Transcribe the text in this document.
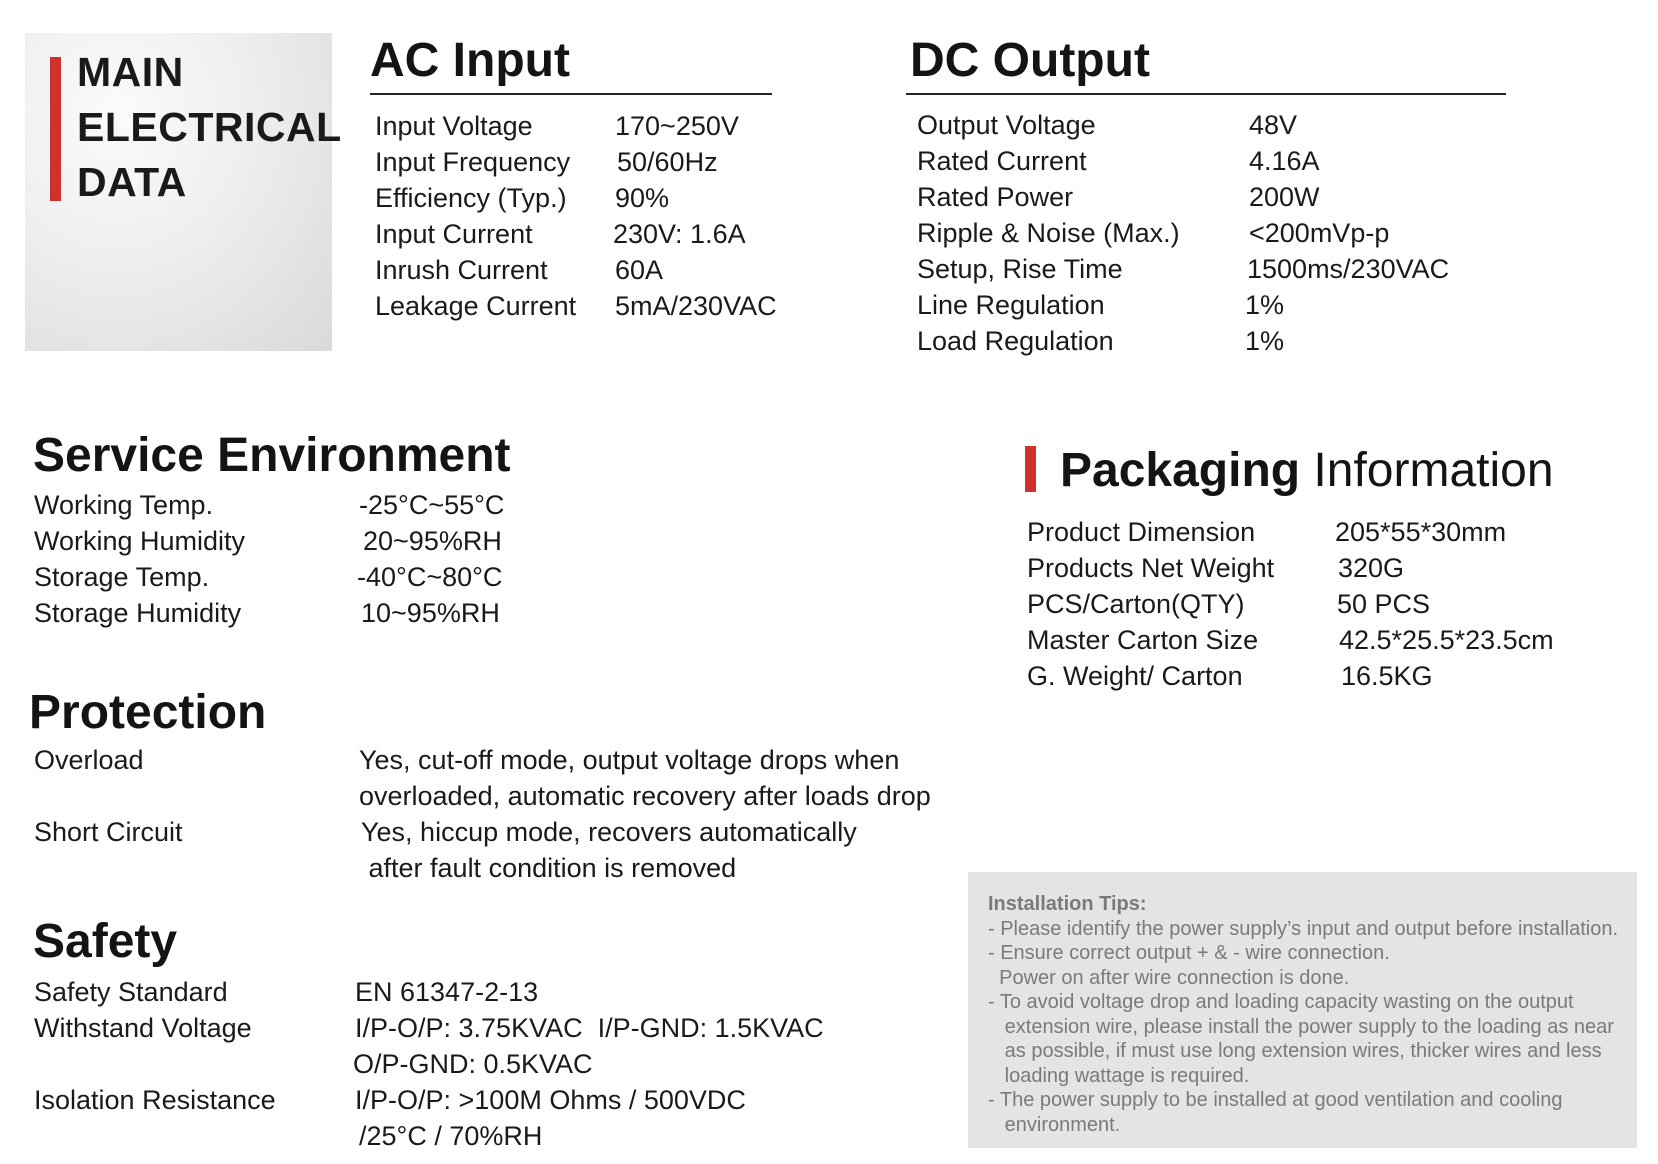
MAIN
ELECTRICAL
DATA
AC Input
Input Voltage	170~250V
Input Frequency 50/60Hz
Efficiency (Typ.) 90%
Input Current	230V: 1.6A
Inrush Current 60A
Leakage Current 5mA/230VAC
DC Output
Output Voltage	48V
Rated Current	4.16A
Rated Power	200W
Ripple & Noise (Max.)	<200mVp-p
Setup, Rise Time	1500ms/230VAC
Line Regulation	1%
Load Regulation	1%
Service Environment
Working Temp.	-25°C~55°C
Working Humidity	20~95%RH
Storage Temp.	-40°C~80°C
Storage Humidity	10~95%RH
Packaging Information
Product Dimension	205*55*30mm
Products Net Weight 320G
PCS/Carton(QTY)	50 PCS
Master Carton Size	42.5*25.5*23.5cm
G. Weight/ Carton	16.5KG
Protection
Overload	Yes, cut-off mode, output voltage drops when
overloaded, automatic recovery after loads drop
Short Circuit	Yes, hiccup mode, recovers automatically
after fault condition is removed
Safety
Safety Standard	EN 61347-2-13
Withstand Voltage	I/P-O/P: 3.75KVAC  I/P-GND: 1.5KVAC
O/P-GND: 0.5KVAC
Isolation Resistance	I/P-O/P: >100M Ohms / 500VDC
/25°C / 70%RH
Installation Tips:
- Please identify the power supply’s input and output before installation.
- Ensure correct output + & - wire connection.
Power on after wire connection is done.
- To avoid voltage drop and loading capacity wasting on the output
extension wire, please install the power supply to the loading as near
as possible, if must use long extension wires, thicker wires and less
loading wattage is required.
- The power supply to be installed at good ventilation and cooling
environment.
